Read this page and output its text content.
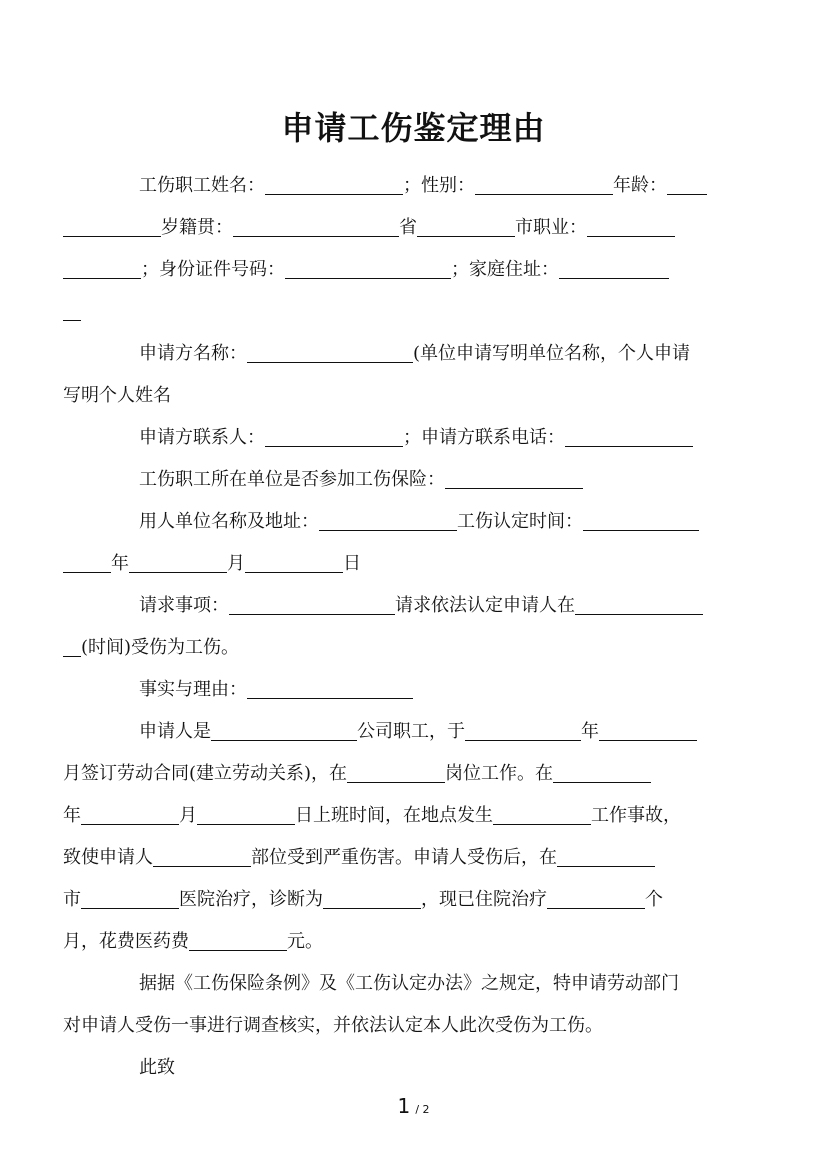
申请工伤鉴定理由

工伤职工姓名：	；性别：	年龄：
岁籍贯：	省	市职业：
；身份证件号码：	；家庭住址：

申请方名称：	(单位申请写明单位名称，个人申请
写明个人姓名

申请方联系人：	；申请方联系电话：

工伤职工所在单位是否参加工伤保险：

用人单位名称及地址：	工伤认定时间：
年	月	日

请求事项：	请求依法认定申请人在
(时间)受伤为工伤。

事实与理由：

申请人是	公司职工，于	年
月签订劳动合同(建立劳动关系)，在	岗位工作。在
年	月	日上班时间，在地点发生	工作事故，
致使申请人	部位受到严重伤害。申请人受伤后，在
市	医院治疗，诊断为	，现已住院治疗	个
月，花费医药费	元。

据据《工伤保险条例》及《工伤认定办法》之规定，特申请劳动部门
对申请人受伤一事进行调查核实，并依法认定本人此次受伤为工伤。

此致

1 / 2
